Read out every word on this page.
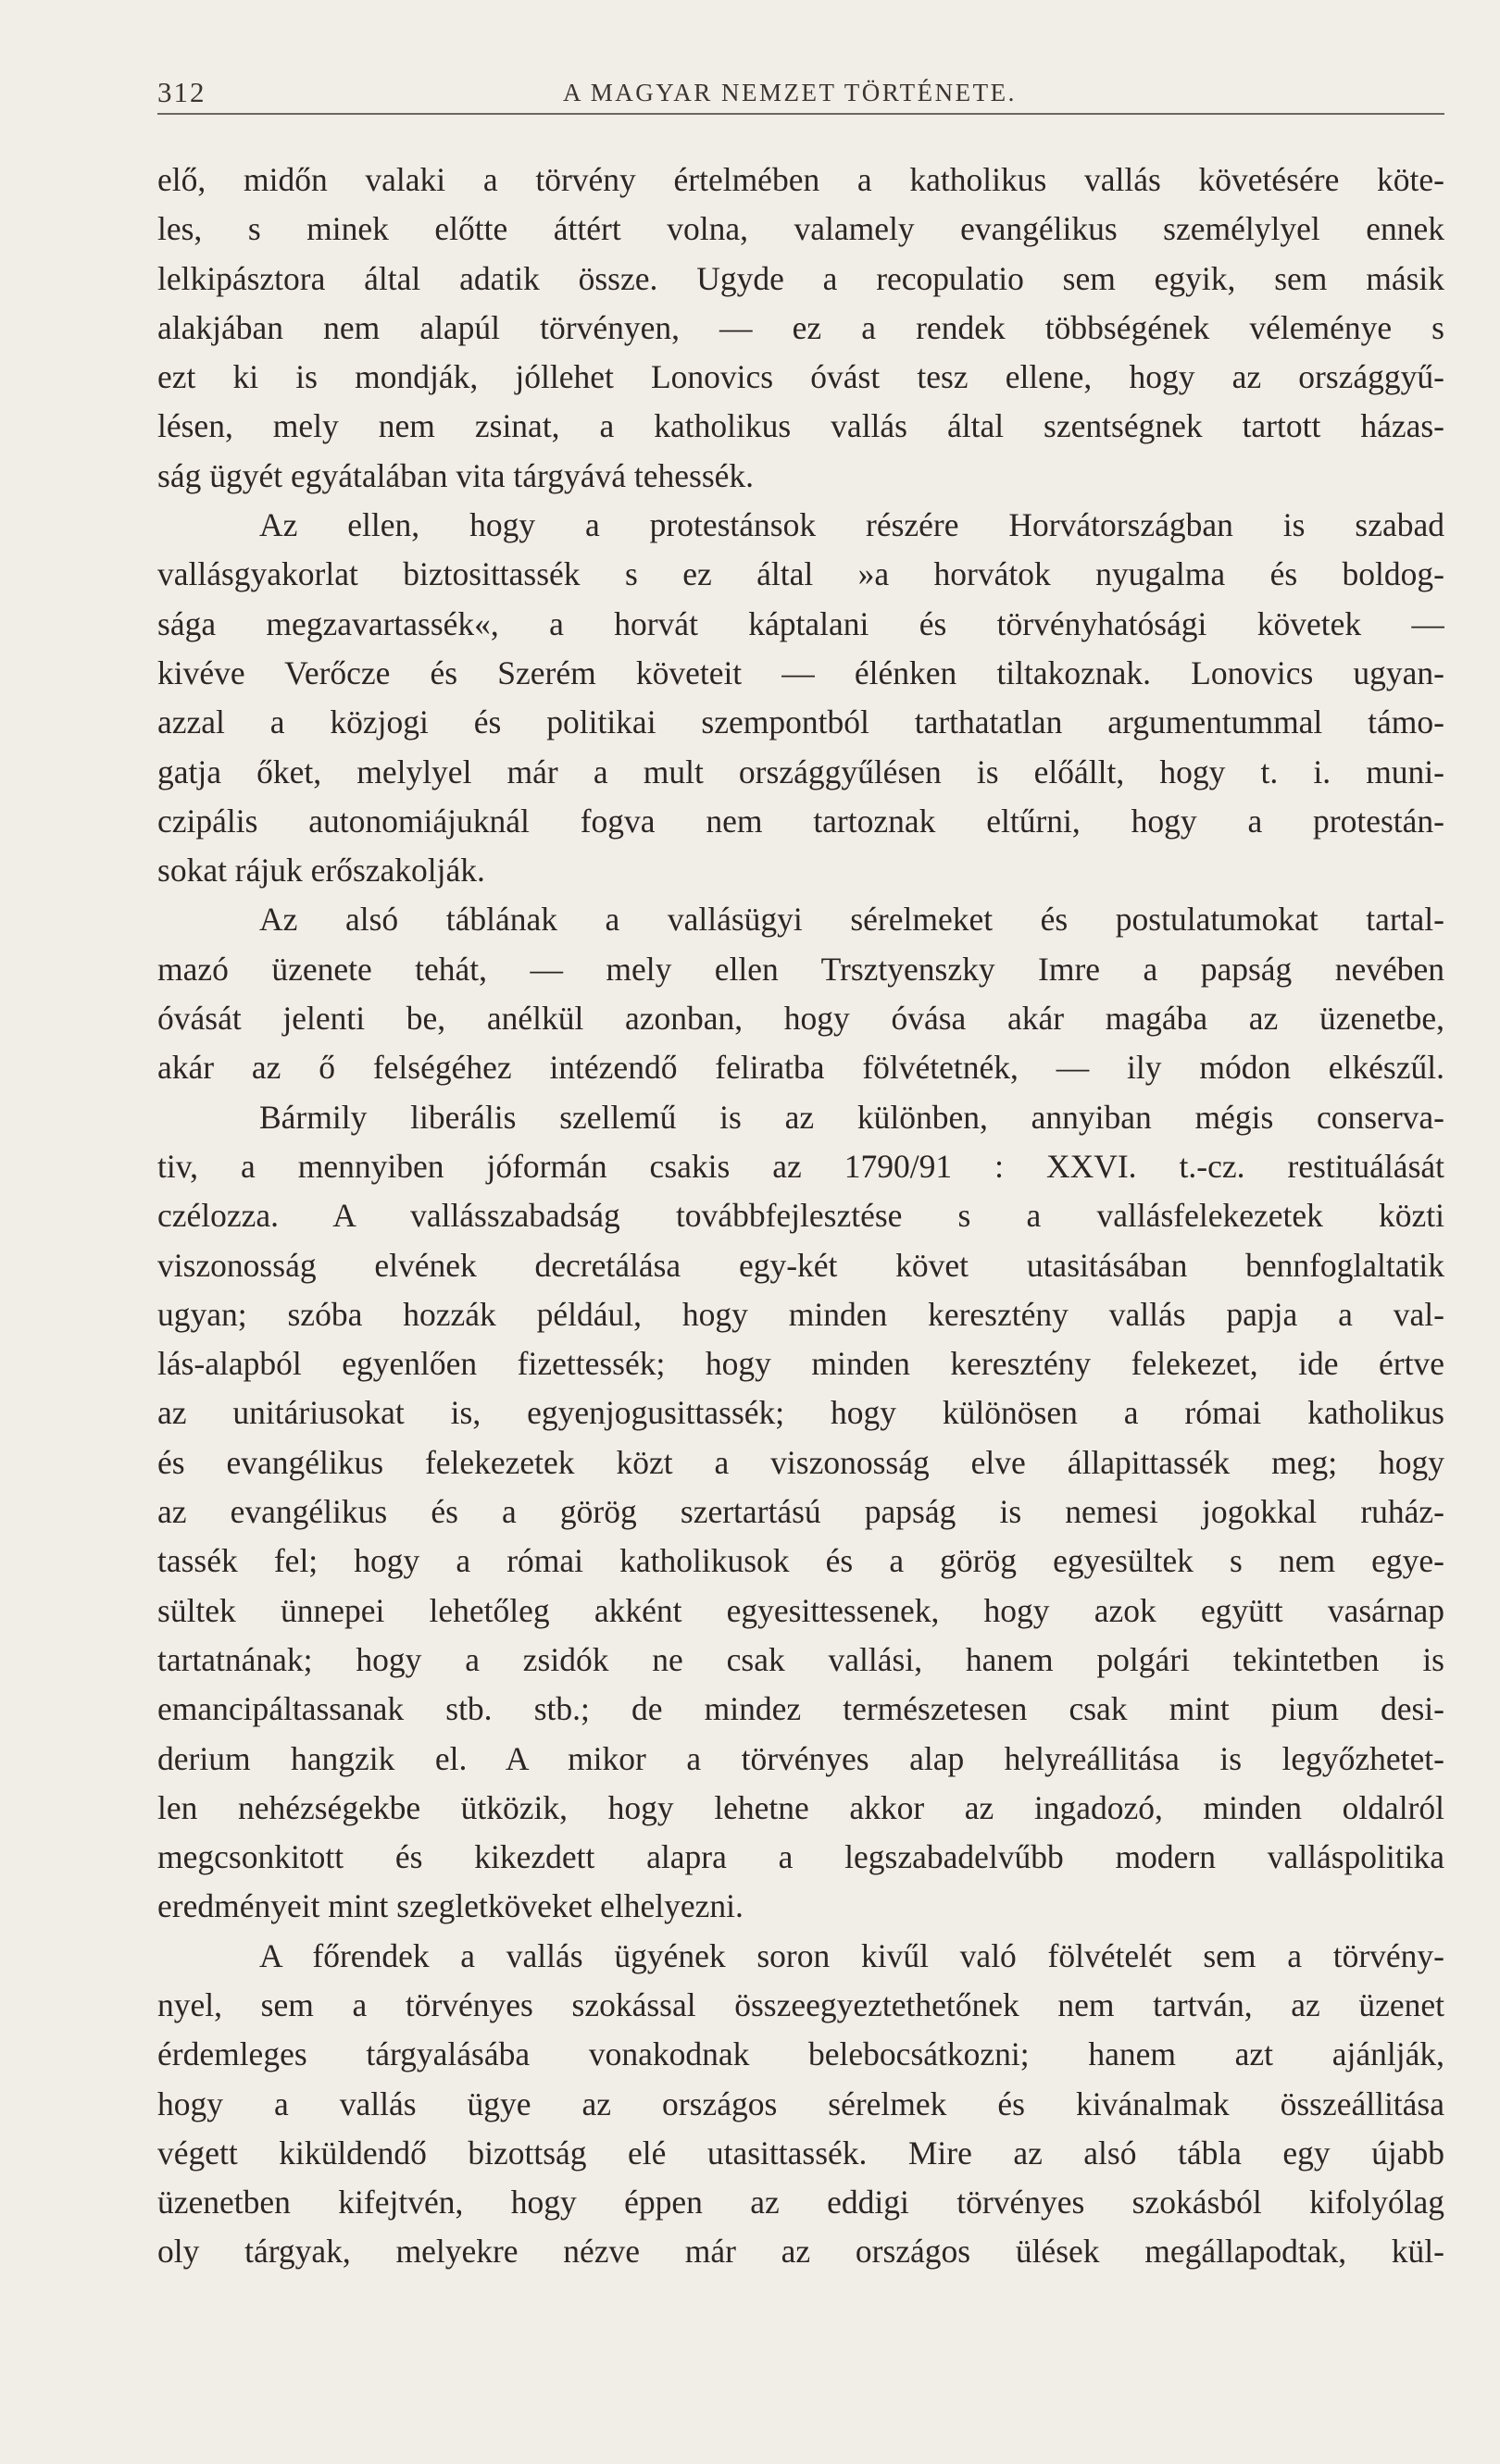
312	A MAGYAR NEMZET TÖRTÉNETE.
elő, midőn valaki a törvény értelmében a katholikus vallás követésére köte-
les, s minek előtte áttért volna, valamely evangélikus személylyel ennek
lelkipásztora által adatik össze. Ugyde a recopulatio sem egyik, sem másik
alakjában nem alapúl törvényen, — ez a rendek többségének véleménye s
ezt ki is mondják, jóllehet Lonovics óvást tesz ellene, hogy az országgyű-
lésen, mely nem zsinat, a katholikus vallás által szentségnek tartott házas-
ság ügyét egyátalában vita tárgyává tehessék.
Az ellen, hogy a protestánsok részére Horvátországban is szabad
vallásgyakorlat biztosittassék s ez által »a horvátok nyugalma és boldog-
sága megzavartassék«, a horvát káptalani és törvényhatósági követek —
kivéve Verőcze és Szerém követeit — élénken tiltakoznak. Lonovics ugyan-
azzal a közjogi és politikai szempontból tarthatatlan argumentummal támo-
gatja őket, melylyel már a mult országgyűlésen is előállt, hogy t. i. muni-
czipális autonomiájuknál fogva nem tartoznak eltűrni, hogy a protestán-
sokat rájuk erőszakolják.
Az alsó táblának a vallásügyi sérelmeket és postulatumokat tartal-
mazó üzenete tehát, — mely ellen Trsztyenszky Imre a papság nevében
óvását jelenti be, anélkül azonban, hogy óvása akár magába az üzenetbe,
akár az ő felségéhez intézendő feliratba fölvétetnék, — ily módon elkészűl.
Bármily liberális szellemű is az különben, annyiban mégis conserva-
tiv, a mennyiben jóformán csakis az 1790/91 : XXVI. t.-cz. restituálását
czélozza. A vallásszabadság továbbfejlesztése s a vallásfelekezetek közti
viszonosság elvének decretálása egy-két követ utasitásában bennfoglaltatik
ugyan; szóba hozzák például, hogy minden keresztény vallás papja a val-
lás-alapból egyenlően fizettessék; hogy minden keresztény felekezet, ide értve
az unitáriusokat is, egyenjogusittassék; hogy különösen a római katholikus
és evangélikus felekezetek közt a viszonosság elve állapittassék meg; hogy
az evangélikus és a görög szertartású papság is nemesi jogokkal ruház-
tassék fel; hogy a római katholikusok és a görög egyesültek s nem egye-
sültek ünnepei lehetőleg akként egyesittessenek, hogy azok együtt vasárnap
tartatnának; hogy a zsidók ne csak vallási, hanem polgári tekintetben is
emancipáltassanak stb. stb.; de mindez természetesen csak mint pium desi-
derium hangzik el. A mikor a törvényes alap helyreállitása is legyőzhetet-
len nehézségekbe ütközik, hogy lehetne akkor az ingadozó, minden oldalról
megcsonkitott és kikezdett alapra a legszabadelvűbb modern valláspolitika
eredményeit mint szegletköveket elhelyezni.
A főrendek a vallás ügyének soron kivűl való fölvételét sem a törvény-
nyel, sem a törvényes szokással összeegyeztethetőnek nem tartván, az üzenet
érdemleges tárgyalásába vonakodnak belebocsátkozni; hanem azt ajánlják,
hogy a vallás ügye az országos sérelmek és kivánalmak összeállitása
végett kiküldendő bizottság elé utasittassék. Mire az alsó tábla egy újabb
üzenetben kifejtvén, hogy éppen az eddigi törvényes szokásból kifolyólag
oly tárgyak, melyekre nézve már az országos ülések megállapodtak, kül-
